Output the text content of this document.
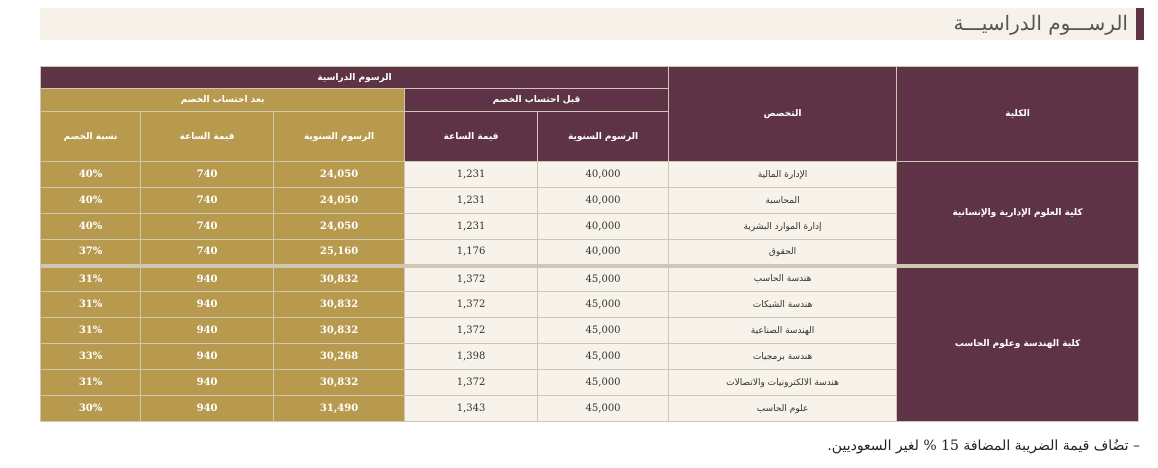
الرســـوم الدراسيـــة
الكلية	التخصص	الرسوم الدراسية				
		قبل احتساب الخصم		بعد احتساب الخصم		
		الرسوم السنوية	قيمة الساعة	الرسوم السنوية	قيمة الساعة	نسبة الخصم
كلية العلوم الإدارية والإنسانية	الإدارة المالية	40,000	1,231	24,050	740	40%
	المحاسبة	40,000	1,231	24,050	740	40%
	إدارة الموارد البشرية	40,000	1,231	24,050	740	40%
	الحقوق	40,000	1,176	25,160	740	37%
كلية الهندسة وعلوم الحاسب	هندسة الحاسب	45,000	1,372	30,832	940	31%
	هندسة الشبكات	45,000	1,372	30,832	940	31%
	الهندسة الصناعية	45,000	1,372	30,832	940	31%
	هندسة برمجيات	45,000	1,398	30,268	940	33%
	هندسة الالكترونيات والاتصالات	45,000	1,372	30,832	940	31%
	علوم الحاسب	45,000	1,343	31,490	940	30%
– تضُاف قيمة الضريبة المضافة 15 % لغير السعوديين.
